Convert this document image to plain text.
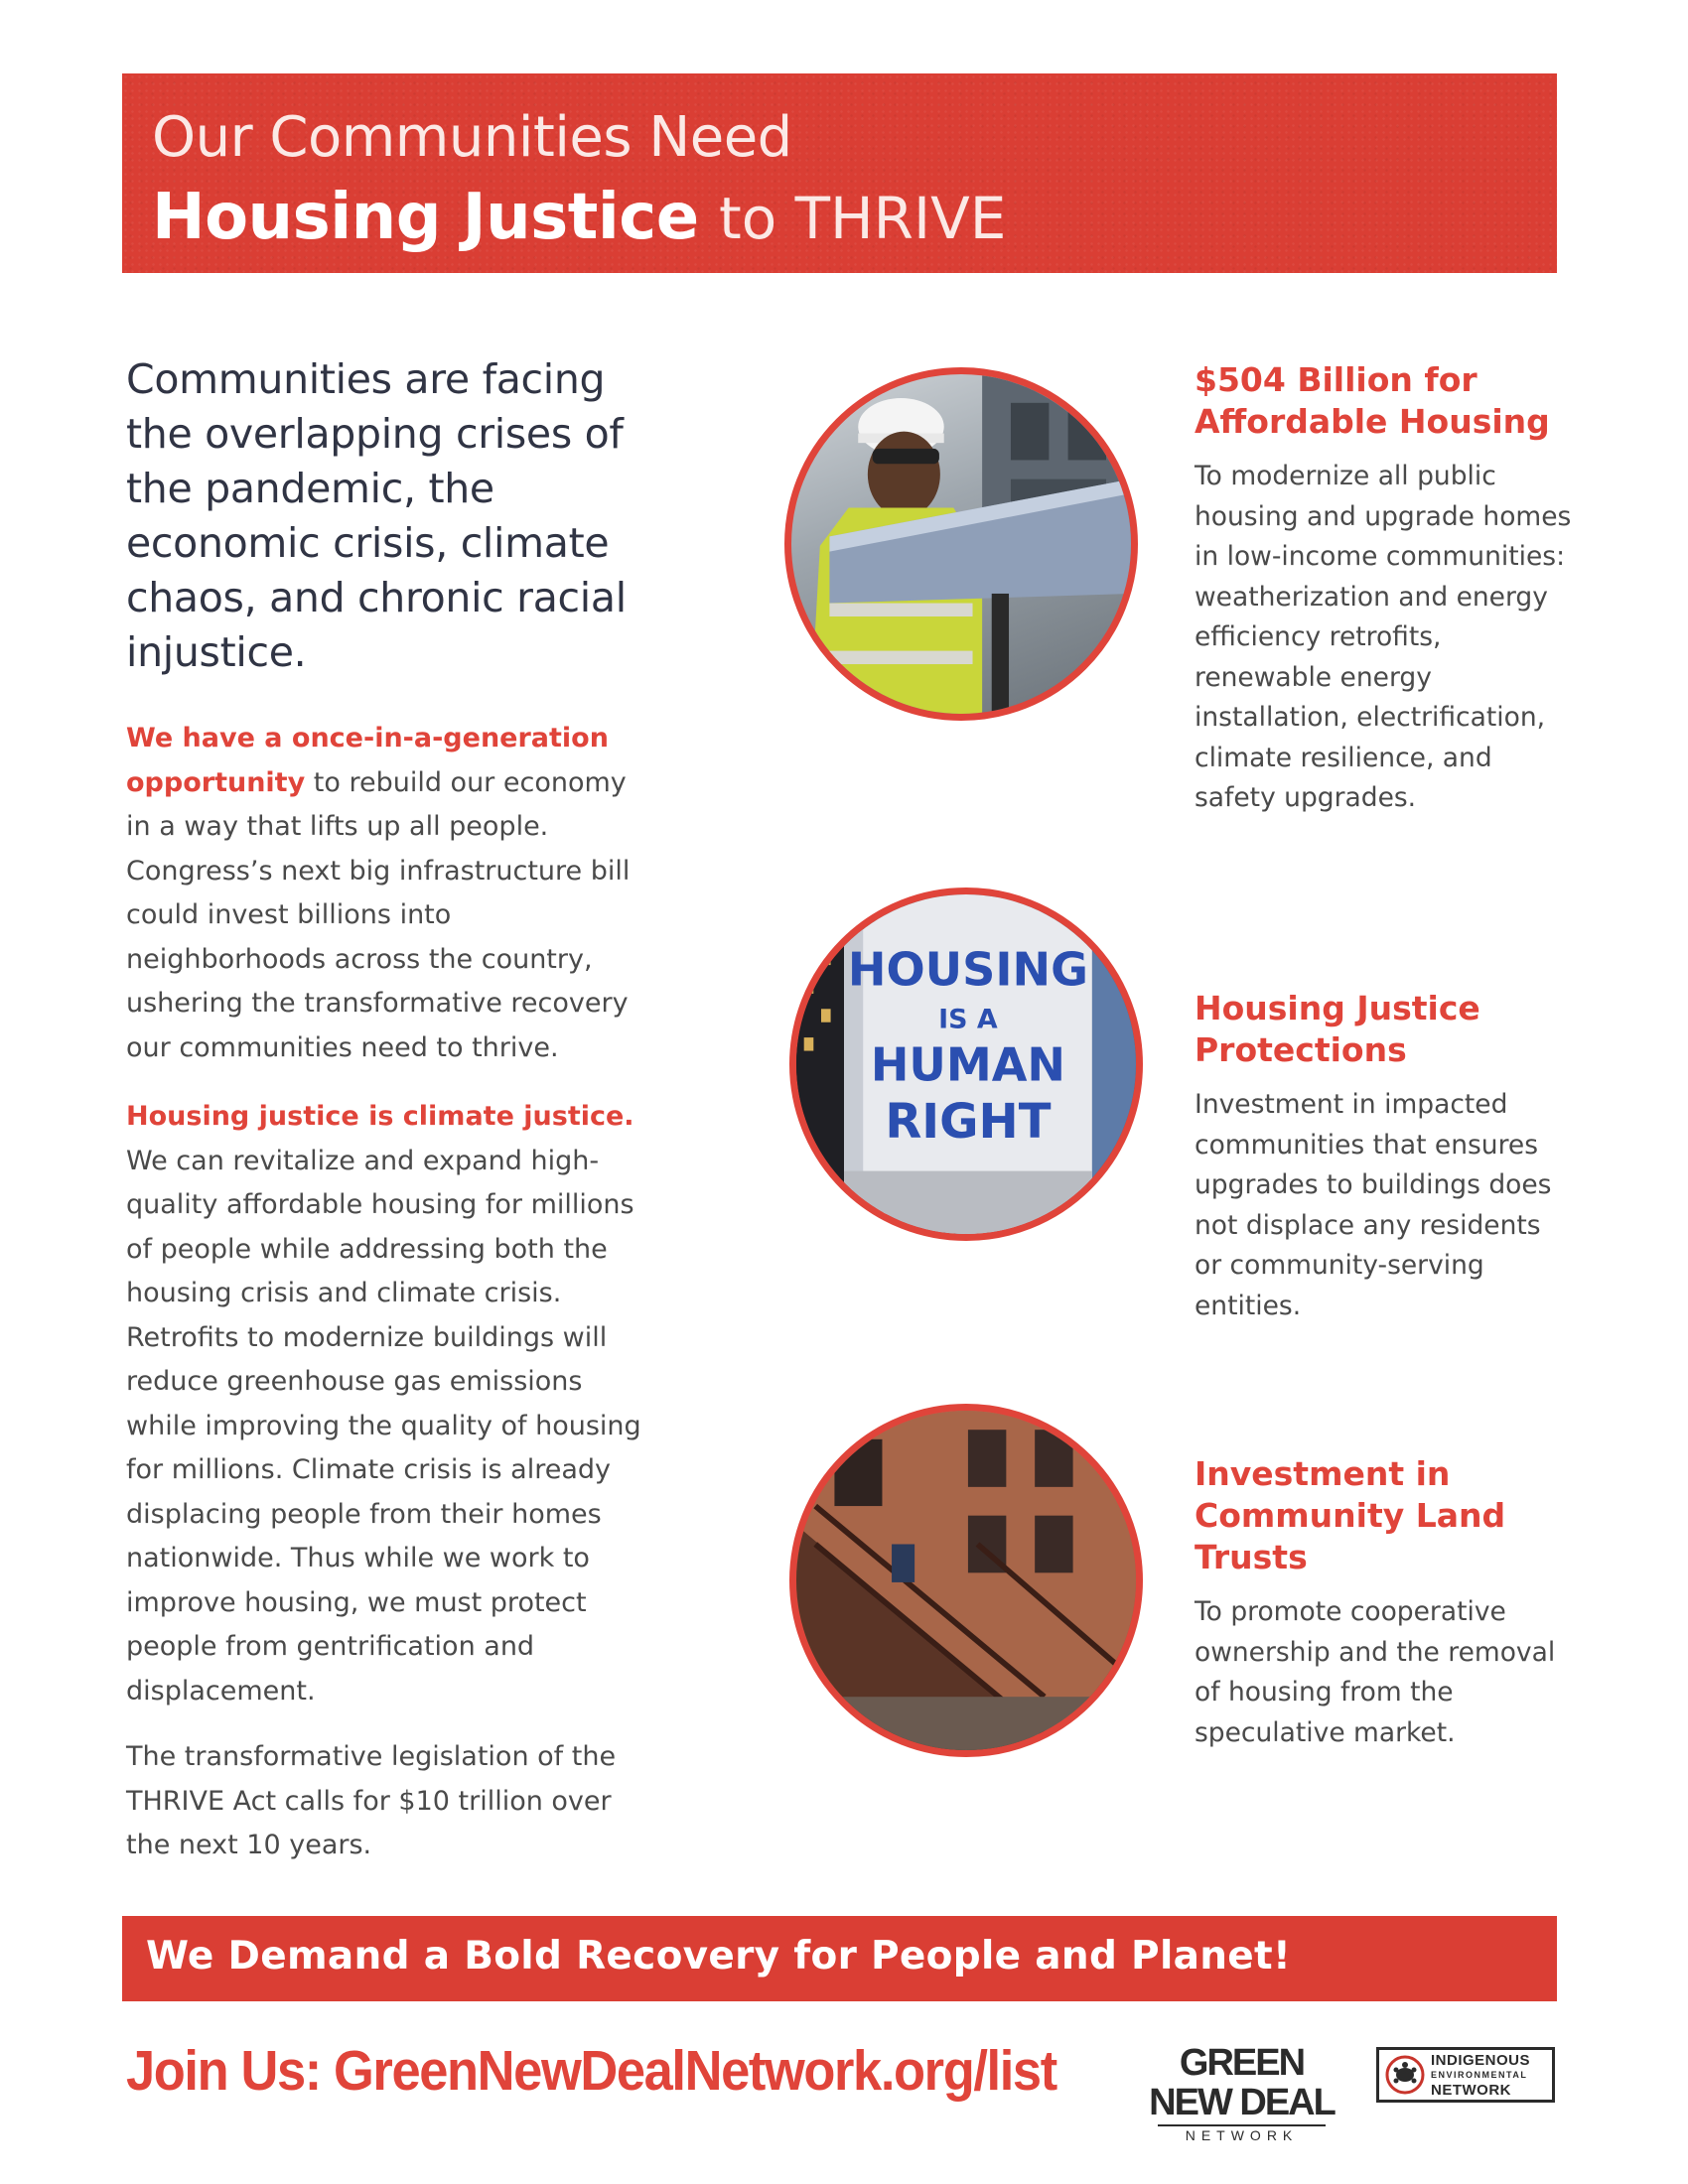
Our Communities Need
Housing Justice to THRIVE
Communities are facing the overlapping crises of the pandemic, the economic crisis, climate chaos, and chronic racial injustice.
We have a once-in-a-generation opportunity to rebuild our economy in a way that lifts up all people. Congress’s next big infrastructure bill could invest billions into neighborhoods across the country, ushering the transformative recovery our communities need to thrive.
Housing justice is climate justice. We can revitalize and expand high-quality affordable housing for millions of people while addressing both the housing crisis and climate crisis. Retrofits to modernize buildings will reduce greenhouse gas emissions while improving the quality of housing for millions. Climate crisis is already displacing people from their homes nationwide. Thus while we work to improve housing, we must protect people from gentrification and displacement.
The transformative legislation of the THRIVE Act calls for $10 trillion over the next 10 years.
HOUSING
IS A
HUMAN
RIGHT
$504 Billion for Affordable Housing
To modernize all public housing and upgrade homes in low-income communities: weatherization and energy efficiency retrofits, renewable energy installation, electrification, climate resilience, and safety upgrades.
Housing Justice Protections
Investment in impacted communities that ensures upgrades to buildings does not displace any residents or community-serving entities.
Investment in Community Land Trusts
To promote cooperative ownership and the removal of housing from the speculative market.
We Demand a Bold Recovery for People and Planet!
Join Us: GreenNewDealNetwork.org/list	GREEN NEW DEAL
NETWORK
INDIGENOUS
ENVIRONMENTAL
NETWORK
